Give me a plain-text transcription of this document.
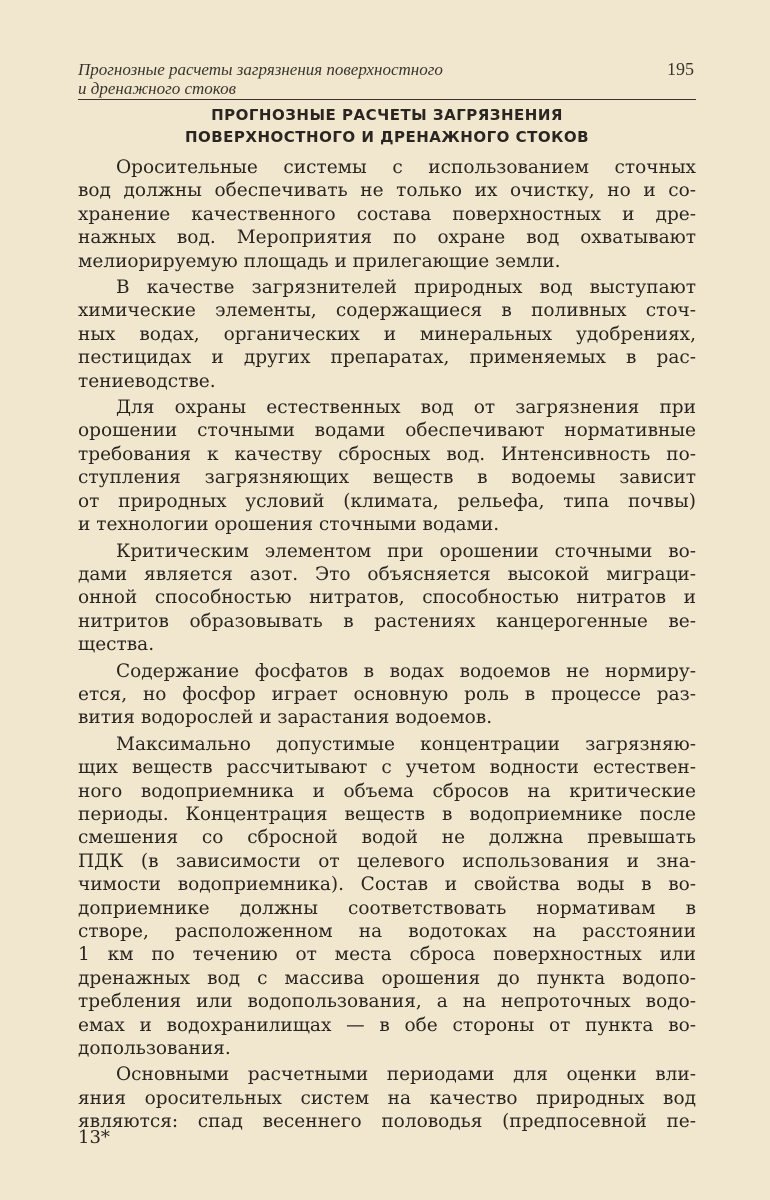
Прогнозные расчеты загрязнения поверхностного
и дренажного стоков
195
ПРОГНОЗНЫЕ РАСЧЕТЫ ЗАГРЯЗНЕНИЯ
ПОВЕРХНОСТНОГО И ДРЕНАЖНОГО СТОКОВ

Оросительные системы с использованием сточных
вод должны обеспечивать не только их очистку, но и со-
хранение качественного состава поверхностных и дре-
нажных вод. Мероприятия по охране вод охватывают
мелиорируемую площадь и прилегающие земли.

В качестве загрязнителей природных вод выступают
химические элементы, содержащиеся в поливных сточ-
ных водах, органических и минеральных удобрениях,
пестицидах и других препаратах, применяемых в рас-
тениеводстве.

Для охраны естественных вод от загрязнения при
орошении сточными водами обеспечивают нормативные
требования к качеству сбросных вод. Интенсивность по-
ступления загрязняющих веществ в водоемы зависит
от природных условий (климата, рельефа, типа почвы)
и технологии орошения сточными водами.

Критическим элементом при орошении сточными во-
дами является азот. Это объясняется высокой миграци-
онной способностью нитратов, способностью нитратов и
нитритов образовывать в растениях канцерогенные ве-
щества.

Содержание фосфатов в водах водоемов не нормиру-
ется, но фосфор играет основную роль в процессе раз-
вития водорослей и зарастания водоемов.

Максимально допустимые концентрации загрязняю-
щих веществ рассчитывают с учетом водности естествен-
ного водоприемника и объема сбросов на критические
периоды. Концентрация веществ в водоприемнике после
смешения со сбросной водой не должна превышать
ПДК (в зависимости от целевого использования и зна-
чимости водоприемника). Состав и свойства воды в во-
доприемнике должны соответствовать нормативам в
створе, расположенном на водотоках на расстоянии
1 км по течению от места сброса поверхностных или
дренажных вод с массива орошения до пункта водопо-
требления или водопользования, а на непроточных водо-
емах и водохранилищах — в обе стороны от пункта во-
допользования.

Основными расчетными периодами для оценки вли-
яния оросительных систем на качество природных вод
являются: спад весеннего половодья (предпосевной пе-

13*
